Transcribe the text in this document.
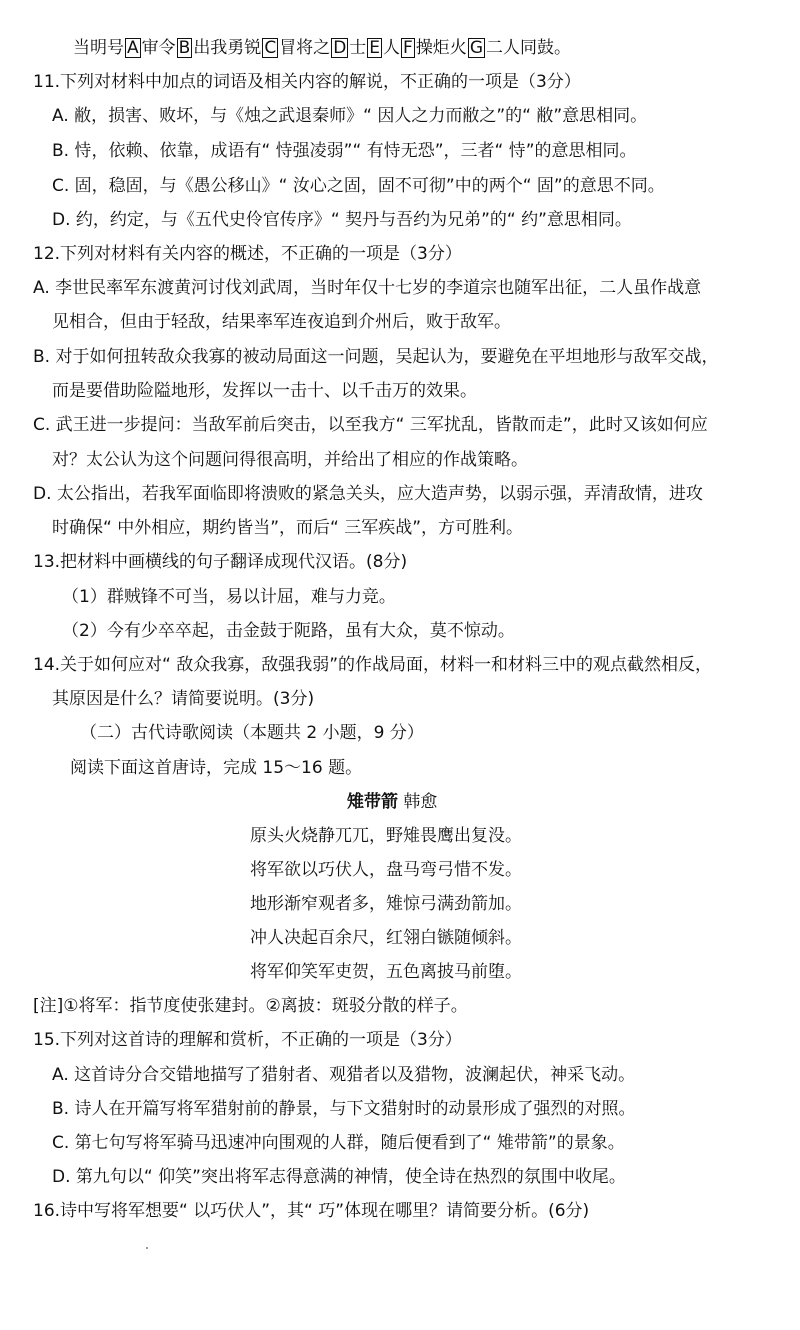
当明号 A 审令 B 出我勇锐 C 冒将之 D 士 E 人 F 操炬火 G 二人同鼓。
11.下列对材料中加点的词语及相关内容的解说，不正确的一项是（3分）
A. 敝，损害、败坏，与《烛之武退秦师》“ 因人之力而敝之”的“ 敝”意思相同。
B. 恃，依赖、依靠，成语有“ 恃强凌弱”“ 有恃无恐”，三者“ 恃”的意思相同。
C. 固，稳固，与《愚公移山》“ 汝心之固，固不可彻”中的两个“ 固”的意思不同。
D. 约，约定，与《五代史伶官传序》“ 契丹与吾约为兄弟”的“ 约”意思相同。
12.下列对材料有关内容的概述，不正确的一项是（3分）
A. 李世民率军东渡黄河讨伐刘武周，当时年仅十七岁的李道宗也随军出征，二人虽作战意
见相合，但由于轻敌，结果率军连夜追到介州后，败于敌军。
B. 对于如何扭转敌众我寡的被动局面这一问题，吴起认为，要避免在平坦地形与敌军交战，
而是要借助险隘地形，发挥以一击十、以千击万的效果。
C. 武王进一步提问：当敌军前后突击，以至我方“ 三军扰乱，皆散而走”，此时又该如何应
对？太公认为这个问题问得很高明，并给出了相应的作战策略。
D. 太公指出，若我军面临即将溃败的紧急关头，应大造声势，以弱示强，弄清敌情，进攻
时确保“ 中外相应，期约皆当”，而后“ 三军疾战”，方可胜利。
13.把材料中画横线的句子翻译成现代汉语。(8分)
（1）群贼锋不可当，易以计屈，难与力竞。
（2）今有少卒卒起，击金鼓于阨路，虽有大众，莫不惊动。
14.关于如何应对“ 敌众我寡，敌强我弱”的作战局面，材料一和材料三中的观点截然相反，
其原因是什么？请简要说明。(3分)
（二）古代诗歌阅读（本题共 2 小题，9 分）
阅读下面这首唐诗，完成 15～16 题。
雉带箭 韩愈
原头火烧静兀兀，野雉畏鹰出复没。
将军欲以巧伏人，盘马弯弓惜不发。
地形渐窄观者多，雉惊弓满劲箭加。
冲人决起百余尺，红翎白镞随倾斜。
将军仰笑军吏贺，五色离披马前堕。
[注]①将军：指节度使张建封。②离披：斑驳分散的样子。
15.下列对这首诗的理解和赏析，不正确的一项是（3分）
A. 这首诗分合交错地描写了猎射者、观猎者以及猎物，波澜起伏，神采飞动。
B. 诗人在开篇写将军猎射前的静景，与下文猎射时的动景形成了强烈的对照。
C. 第七句写将军骑马迅速冲向围观的人群，随后便看到了“ 雉带箭”的景象。
D. 第九句以“ 仰笑”突出将军志得意满的神情，使全诗在热烈的氛围中收尾。
16.诗中写将军想要“ 以巧伏人”，其“ 巧”体现在哪里？请简要分析。(6分)
